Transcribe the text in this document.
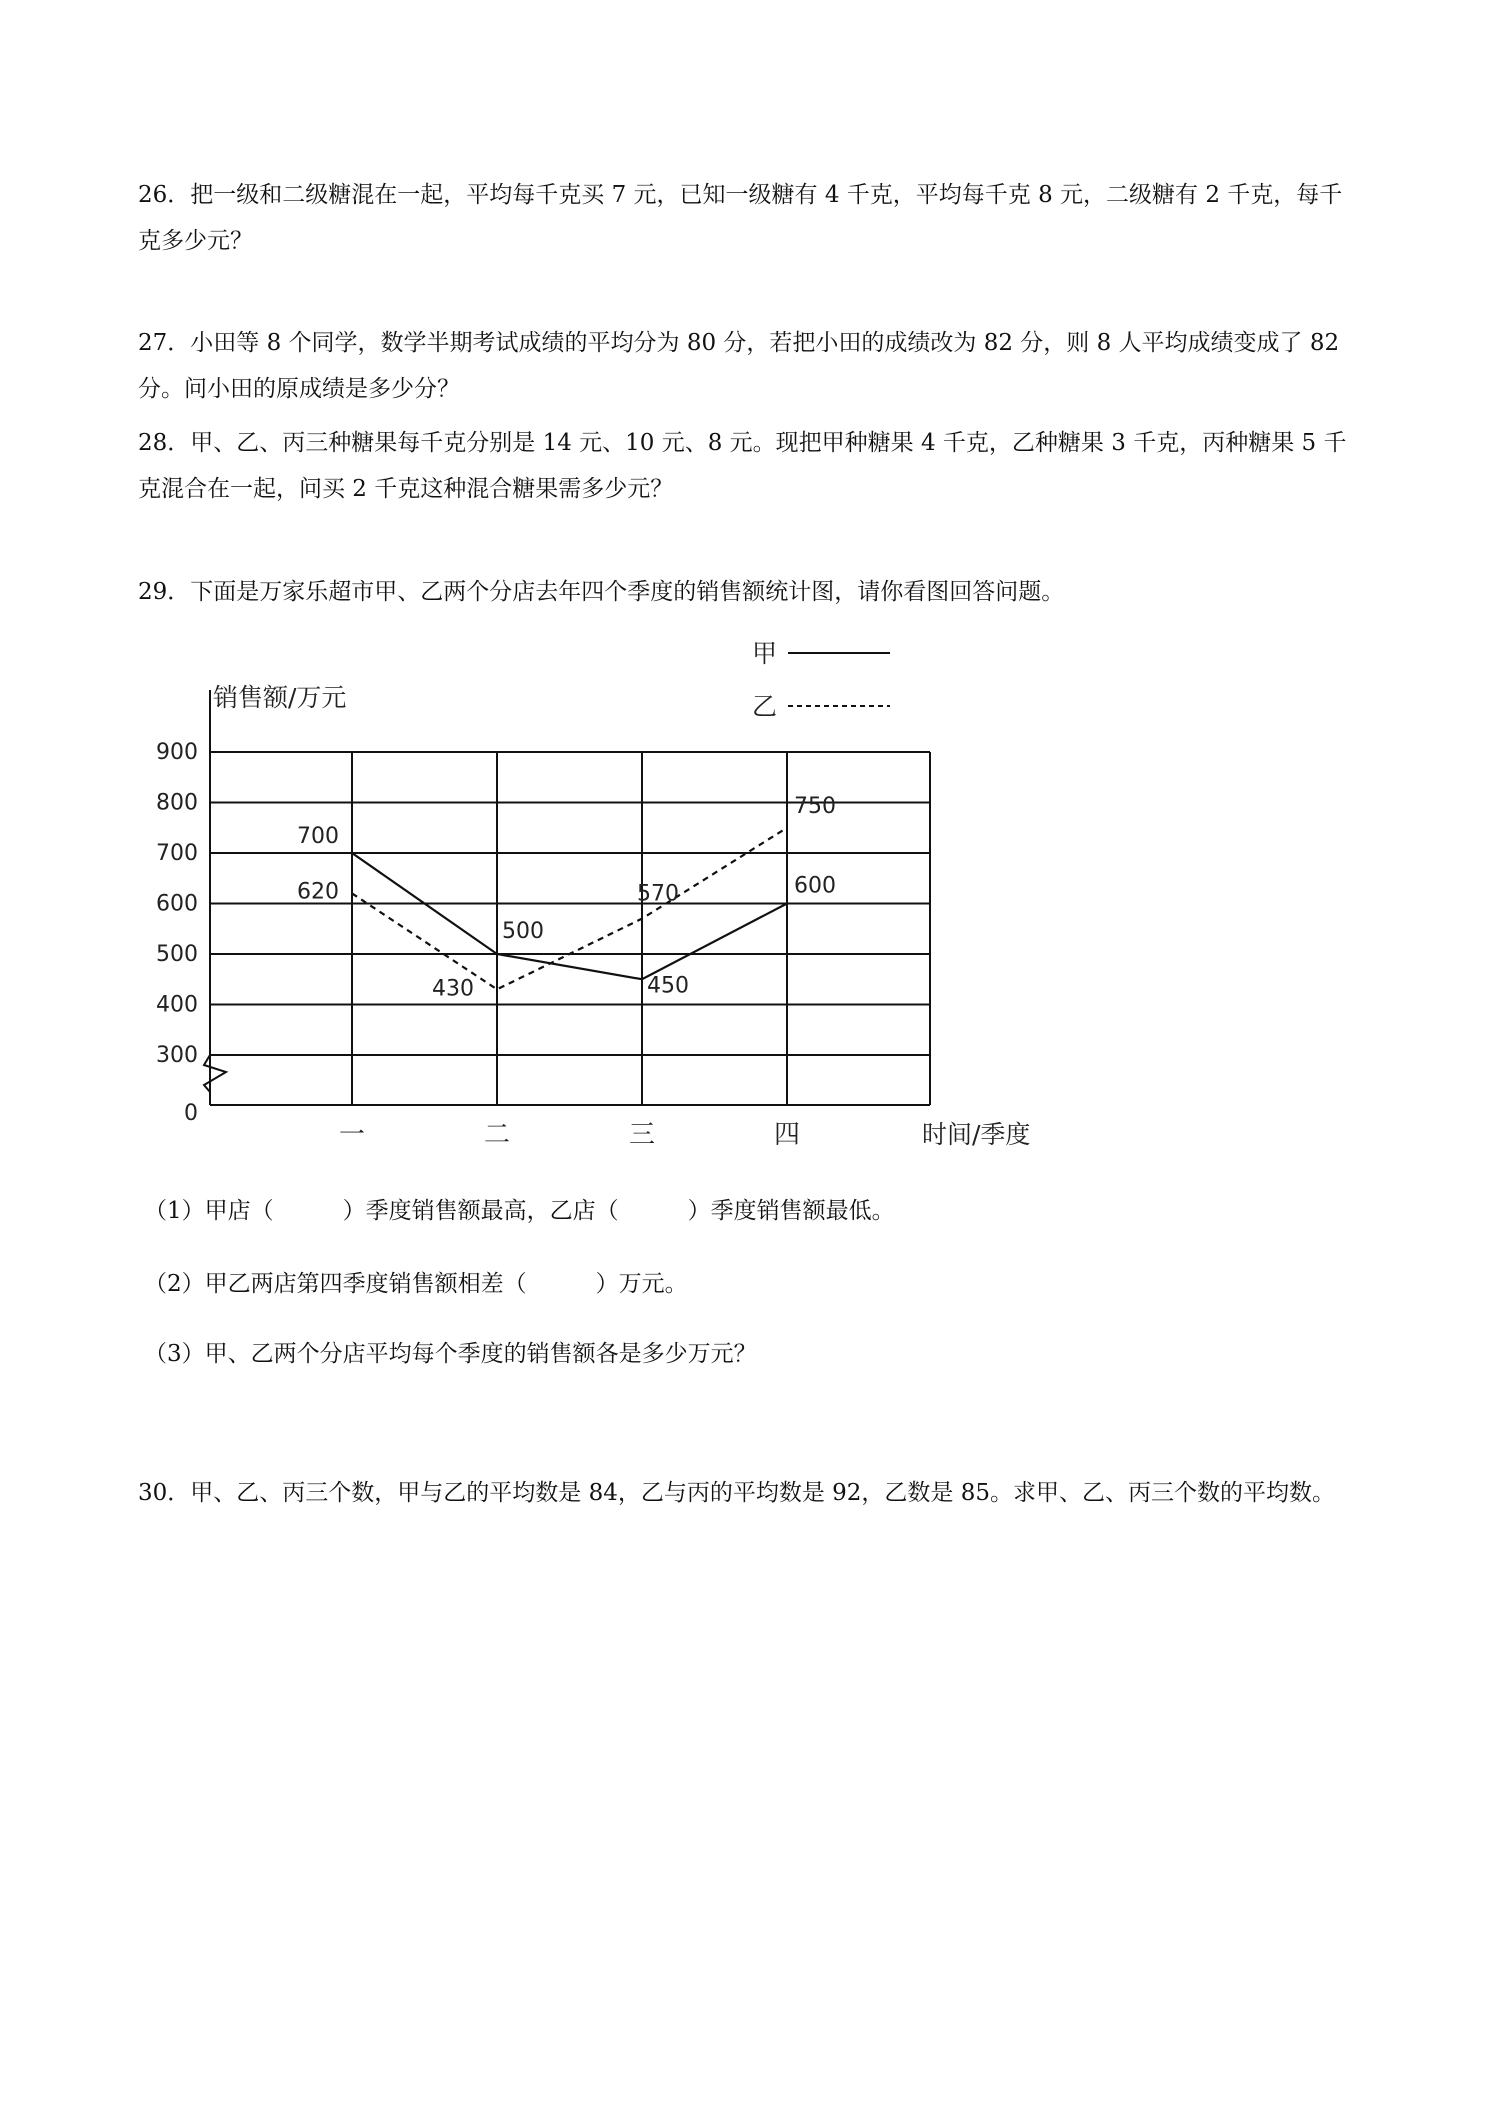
26．把一级和二级糖混在一起，平均每千克买 7 元，已知一级糖有 4 千克，平均每千克 8 元，二级糖有 2 千克，每千克多少元？

27．小田等 8 个同学，数学半期考试成绩的平均分为 80 分，若把小田的成绩改为 82 分，则 8 人平均成绩变成了 82 分。问小田的原成绩是多少分？

28．甲、乙、丙三种糖果每千克分别是 14 元、10 元、8 元。现把甲种糖果 4 千克，乙种糖果 3 千克，丙种糖果 5 千克混合在一起，问买 2 千克这种混合糖果需多少元？

29．下面是万家乐超市甲、乙两个分店去年四个季度的销售额统计图，请你看图回答问题。

0
300
400
500
600
700
800
900
销售额/万元
一	二	三	四	时间/季度
甲
乙
700
500
450
600
620
430
570
750

（1）甲店（　　　）季度销售额最高，乙店（　　　）季度销售额最低。

（2）甲乙两店第四季度销售额相差（　　　）万元。

（3）甲、乙两个分店平均每个季度的销售额各是多少万元？

30．甲、乙、丙三个数，甲与乙的平均数是 84，乙与丙的平均数是 92，乙数是 85。求甲、乙、丙三个数的平均数。
